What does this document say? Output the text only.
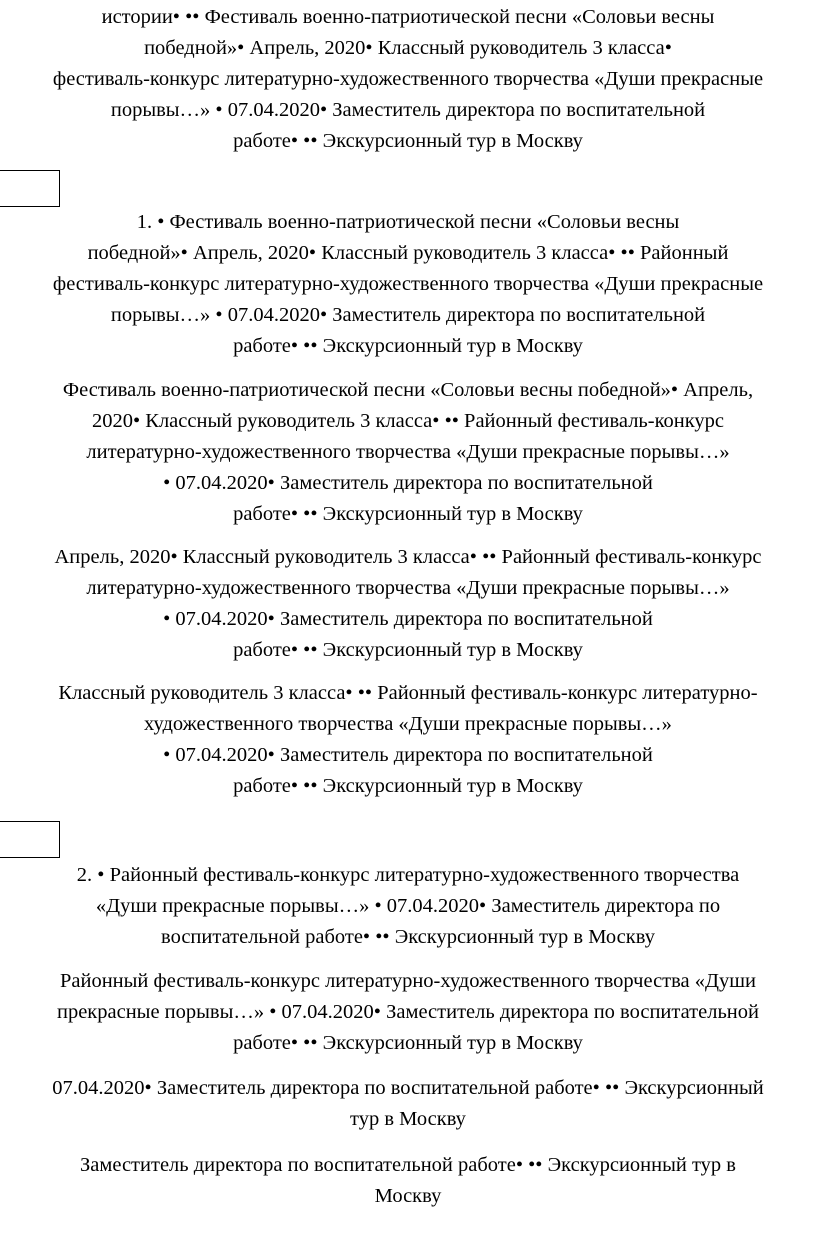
истории• •• Фестиваль военно-патриотической песни «Соловьи весны
победной»• Апрель, 2020• Классный руководитель 3 класса•
фестиваль-конкурс литературно-художественного творчества «Души прекрасные
порывы…» • 07.04.2020• Заместитель директора по воспитательной
работе• •• Экскурсионный тур в Москву

1. • Фестиваль военно-патриотической песни «Соловьи весны
победной»• Апрель, 2020• Классный руководитель 3 класса• •• Районный
фестиваль-конкурс литературно-художественного творчества «Души прекрасные
порывы…» • 07.04.2020• Заместитель директора по воспитательной
работе• •• Экскурсионный тур в Москву

Фестиваль военно-патриотической песни «Соловьи весны победной»• Апрель,
2020• Классный руководитель 3 класса• •• Районный фестиваль-конкурс
литературно-художественного творчества «Души прекрасные порывы…»
• 07.04.2020• Заместитель директора по воспитательной
работе• •• Экскурсионный тур в Москву

Апрель, 2020• Классный руководитель 3 класса• •• Районный фестиваль-конкурс
литературно-художественного творчества «Души прекрасные порывы…»
• 07.04.2020• Заместитель директора по воспитательной
работе• •• Экскурсионный тур в Москву

Классный руководитель 3 класса• •• Районный фестиваль-конкурс литературно-
художественного творчества «Души прекрасные порывы…»
• 07.04.2020• Заместитель директора по воспитательной
работе• •• Экскурсионный тур в Москву

2. • Районный фестиваль-конкурс литературно-художественного творчества
«Души прекрасные порывы…» • 07.04.2020• Заместитель директора по
воспитательной работе• •• Экскурсионный тур в Москву

Районный фестиваль-конкурс литературно-художественного творчества «Души
прекрасные порывы…» • 07.04.2020• Заместитель директора по воспитательной
работе• •• Экскурсионный тур в Москву

07.04.2020• Заместитель директора по воспитательной работе• •• Экскурсионный
тур в Москву

Заместитель директора по воспитательной работе• •• Экскурсионный тур в
Москву
